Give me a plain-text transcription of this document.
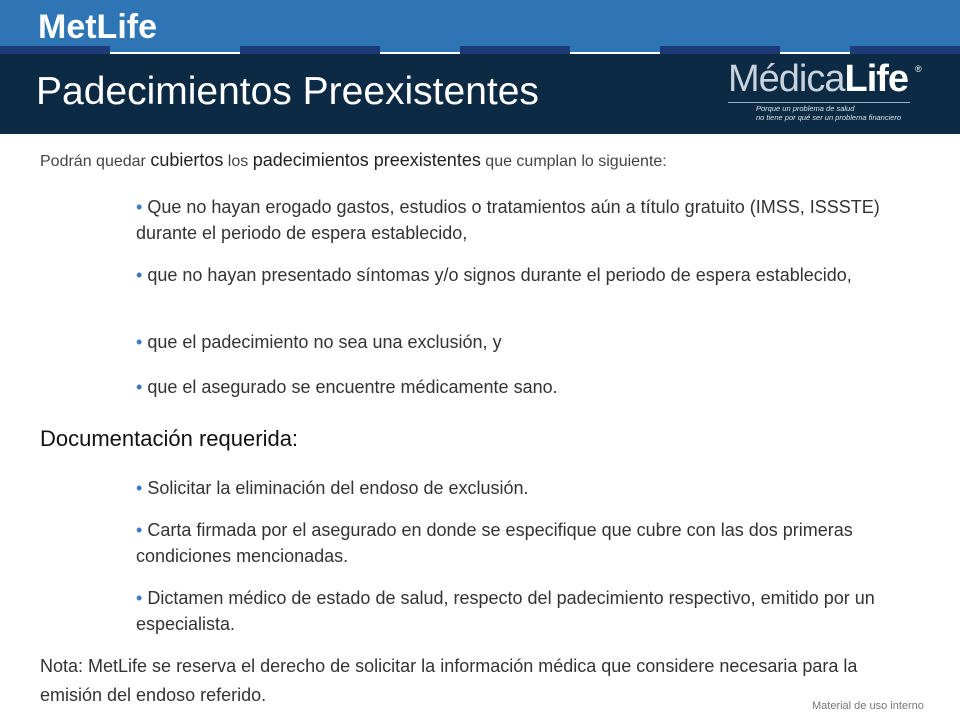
MetLife
Padecimientos Preexistentes	MédicaLife ®
Porque un problema de salud
no tiene por qué ser un problema financiero
Podrán quedar cubiertos los padecimientos preexistentes que cumplan lo siguiente:
• Que no hayan erogado gastos, estudios o tratamientos aún a título gratuito (IMSS, ISSSTE) durante el periodo de espera establecido,
• que no hayan presentado síntomas y/o signos durante el periodo de espera establecido,
• que el padecimiento no sea una exclusión, y
• que el asegurado se encuentre médicamente sano.
Documentación requerida:
• Solicitar la eliminación del endoso de exclusión.
• Carta firmada por el asegurado en donde se especifique que cubre con las dos primeras condiciones mencionadas.
• Dictamen médico de estado de salud, respecto del padecimiento respectivo, emitido por un especialista.
Nota: MetLife se reserva el derecho de solicitar la información médica que considere necesaria para la emisión del endoso referido.
Material de uso interno
